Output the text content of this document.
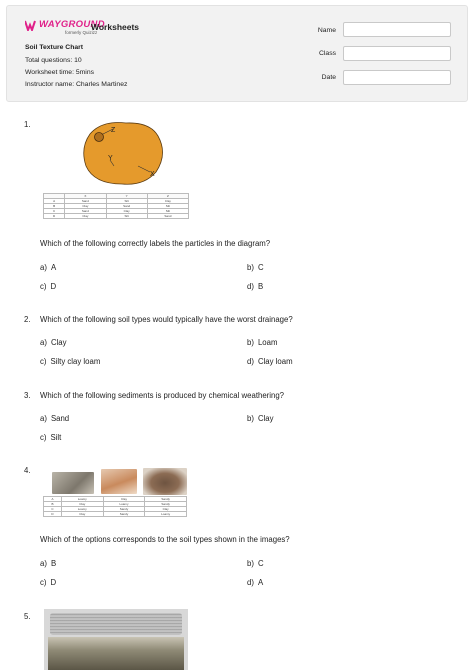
WAYGROUND
formerly Quizizz
Worksheets
Soil Texture Chart
Total questions: 10
Worksheet time: 5mins
Instructor name: Charles Martinez
Name
Class
Date
1.
Z
Y
X
	X	Y	Z
A	Sand	Silt	Clay
B	Clay	Sand	Silt
C	Sand	Clay	Silt
D	Clay	Silt	Sand
Which of the following correctly labels the particles in the diagram?
a) A	b) C
c) D	d) B
2. Which of the following soil types would typically have the worst drainage?
a) Clay	b) Loam
c) Silty clay loam	d) Clay loam
3. Which of the following sediments is produced by chemical weathering?
a) Sand	b) Clay
c) Silt
4.
A	Loamy	Clay	Sandy
B	Clay	Loamy	Sandy
C	Loamy	Sandy	Clay
D	Clay	Sandy	Loamy
Which of the options corresponds to the soil types shown in the images?
a) B	b) C
c) D	d) A
5.
